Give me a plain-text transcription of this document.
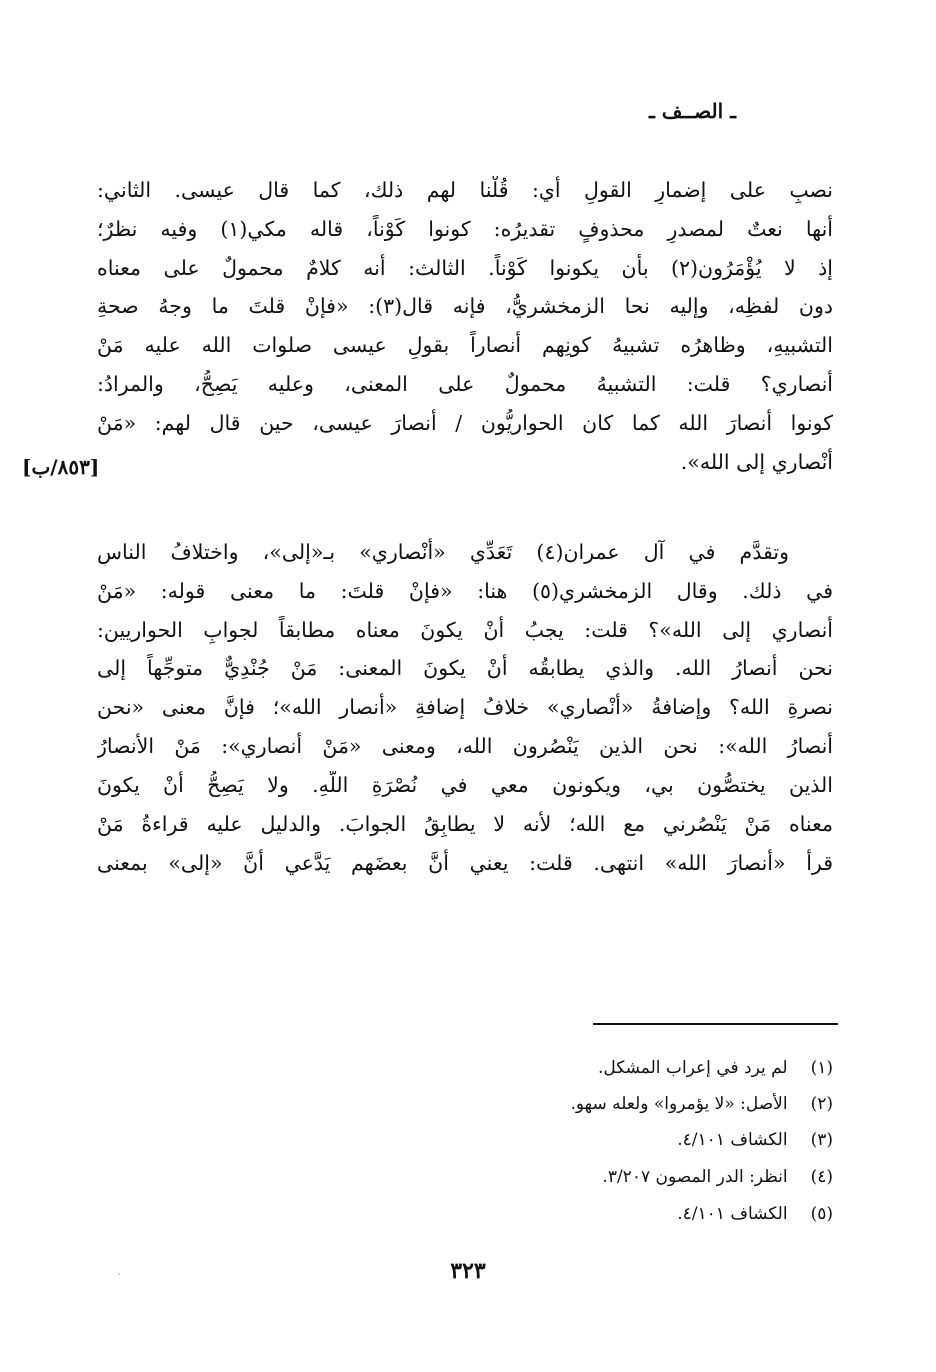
ـ الصــف ـ
نصبٍ على إضمارِ القولِ أي: قُلْنا لهم ذلك، كما قال عيسى. الثاني:
أنها نعتٌ لمصدرٍ محذوفٍ تقديرُه: كونوا كَوْناً، قاله مكي(١) وفيه نظرٌ؛
إذ لا يُؤْمَرُون(٢) بأن يكونوا كَوْناً. الثالث: أنه كلامٌ محمولٌ على معناه
دون لفظِه، وإليه نحا الزمخشريُّ، فإنه قال(٣): «فإنْ قلتَ ما وجهُ صحةِ
التشبيهِ، وظاهرُه تشبيهُ كونِهم أنصاراً بقولِ عيسى صلوات الله عليه مَنْ
أنصاري؟ قلت: التشبيهُ محمولٌ على المعنى، وعليه يَصِحُّ، والمرادُ:
كونوا أنصارَ الله كما كان الحواريُّون / أنصارَ عيسى، حين قال لهم: «مَنْ
أَنْصاري إلى الله».
[٨٥٣/ب]
وتقدَّم في آل عمران(٤) تَعَدِّي «أَنْصاري» بـ«إلى»، واختلافُ الناسِ
في ذلك. وقال الزمخشري(٥) هنا: «فإنْ قلتَ: ما معنى قوله: «مَنْ
أنصاري إلى الله»؟ قلت: يجبُ أَنْ يكونَ معناه مطابقاً لجوابِ الحواريين:
نحن أنصارُ الله. والذي يطابقُه أَنْ يكونَ المعنى: مَنْ جُنْدِيٌّ متوجِّهاً إلى
نصرةِ الله؟ وإضافةُ «أَنْصاري» خلافُ إضافةِ «أنصار الله»؛ فإنَّ معنى «نحن
أنصارُ الله»: نحن الذين يَنْصُرون الله، ومعنى «مَنْ أنصاري»: مَنْ الأنصارُ
الذين يختصُّون بي، ويكونون معي في نُصْرَةِ اللَّهِ. ولا يَصِحُّ أَنْ يكونَ
معناه مَنْ يَنْصُرني مع الله؛ لأنه لا يطابِقُ الجوابَ. والدليل عليه قراءةُ مَنْ
قرأ «أنصارَ الله» انتهى. قلت: يعني أنَّ بعضَهم يَدَّعي أنَّ «إلى» بمعنى
(١) لم يرد في إعراب المشكل.
(٢) الأصل: «لا يؤمروا» ولعله سهو.
(٣) الكشاف ٤/١٠١.
(٤) انظر: الدر المصون ٣/٢٠٧.
(٥) الكشاف ٤/١٠١.
٣٢٣
